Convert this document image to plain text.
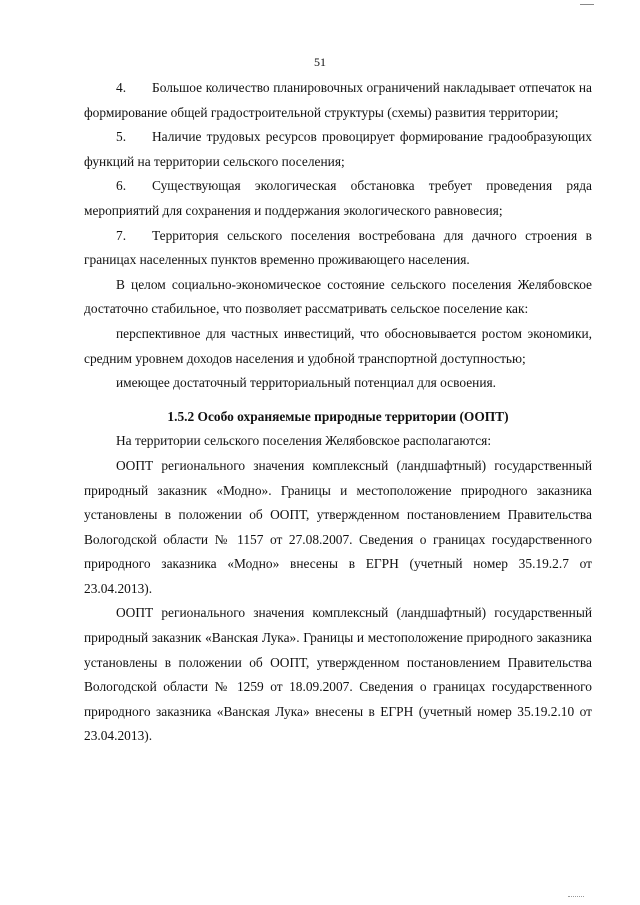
51

4. Большое количество планировочных ограничений накладывает отпечаток на формирование общей градостроительной структуры (схемы) развития территории;

5. Наличие трудовых ресурсов провоцирует формирование градообразующих функций на территории сельского поселения;

6. Существующая экологическая обстановка требует проведения ряда мероприятий для сохранения и поддержания экологического равновесия;

7. Территория сельского поселения востребована для дачного строения в границах населенных пунктов временно проживающего населения.

В целом социально-экономическое состояние сельского поселения Желябовское достаточно стабильное, что позволяет рассматривать сельское поселение как:

перспективное для частных инвестиций, что обосновывается ростом экономики, средним уровнем доходов населения и удобной транспортной доступностью;

имеющее достаточный территориальный потенциал для освоения.

1.5.2 Особо охраняемые природные территории (ООПТ)

На территории сельского поселения Желябовское располагаются:

ООПТ регионального значения комплексный (ландшафтный) государственный природный заказник «Модно». Границы и местоположение природного заказника установлены в положении об ООПТ, утвержденном постановлением Правительства Вологодской области № 1157 от 27.08.2007. Сведения о границах государственного природного заказника «Модно» внесены в ЕГРН (учетный номер 35.19.2.7 от 23.04.2013).

ООПТ регионального значения комплексный (ландшафтный) государственный природный заказник «Ванская Лука». Границы и местоположение природного заказника установлены в положении об ООПТ, утвержденном постановлением Правительства Вологодской области № 1259 от 18.09.2007. Сведения о границах государственного природного заказника «Ванская Лука» внесены в ЕГРН (учетный номер 35.19.2.10 от 23.04.2013).
